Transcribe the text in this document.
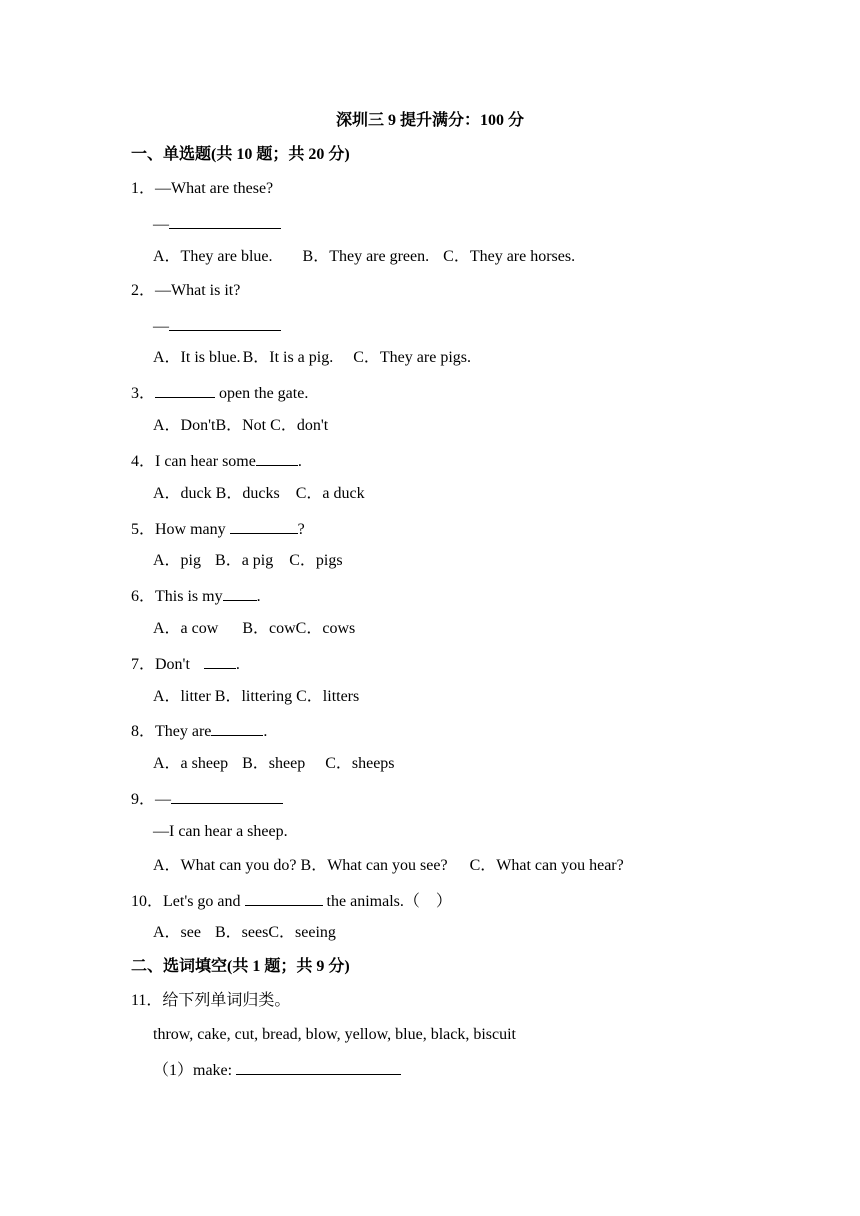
深圳三 9 提升满分：100 分
一、单选题(共 10 题；共 20 分)
1．—What are these?
—
A．They are blue. B．They are green. C．They are horses.
2．—What is it?
—
A．It is blue. B．It is a pig. C．They are pigs.
3．	open the gate.
A．Don'tB．Not C．don't
4．I can hear some	.
A．duck B．ducks C．a duck
5．How many	?
A．pig B．a pig C．pigs
6．This is my .
A．a cow B．cowC．cows
7．Don't	.
A．litter B．littering C．litters
8．They are	.
A．a sheep B．sheep C．sheeps
9．—
—I can hear a sheep.
A．What can you do? B．What can you see? C．What can you hear?
10．Let's go and	the animals.（　）
A．see B．seesC．seeing
二、选词填空(共 1 题；共 9 分)
11．给下列单词归类。
throw, cake, cut, bread, blow, yellow, blue, black, biscuit
（1）make:
